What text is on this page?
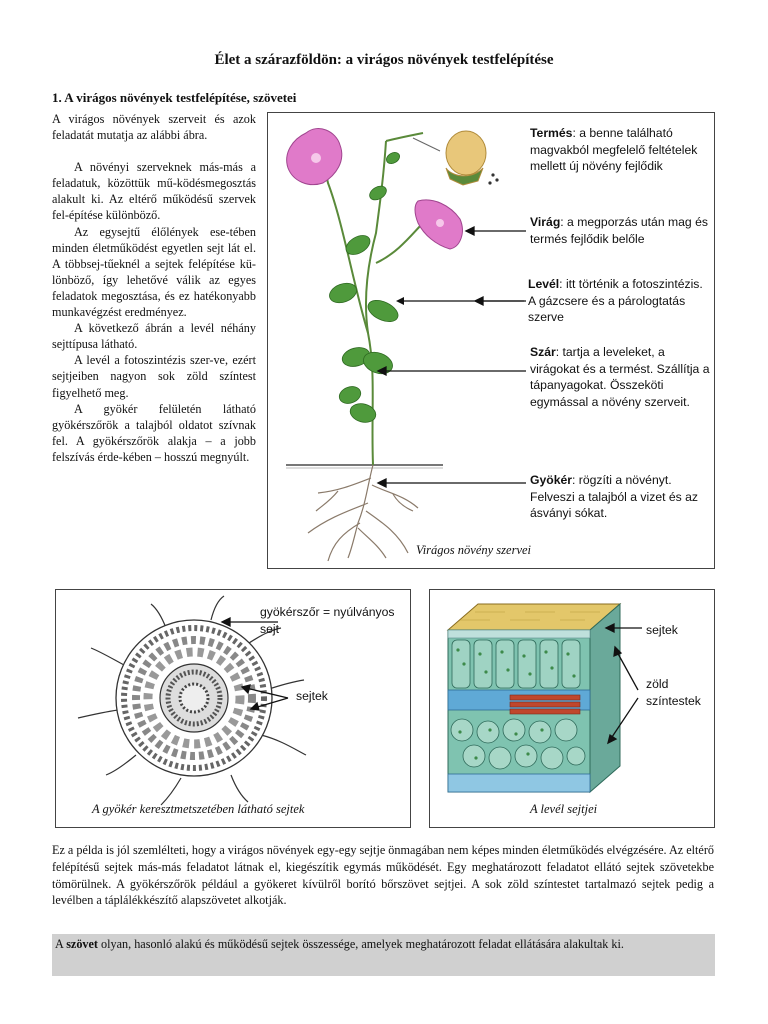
Élet a szárazföldön: a virágos növények testfelépítése
1. A virágos növények testfelépítése, szövetei

A virágos növények szerveit és azok feladatát mutatja az alábbi ábra.

A növényi szerveknek más-más a feladatuk, közöttük mű-ködésmegosztás alakult ki. Az eltérő működésű szervek fel-építése különböző.

Az egysejtű élőlények ese-tében minden életműködést egyetlen sejt lát el. A többsej-tűeknél a sejtek felépítése kü-lönböző, így lehetővé válik az egyes feladatok megosztása, és ez hatékonyabb munkavégzést eredményez.

A következő ábrán a levél néhány sejttípusa látható.

A levél a fotoszintézis szer-ve, ezért sejtjeiben nagyon sok zöld színtest figyelhető meg.

A gyökér felületén látható gyökérszőrök a talajból oldatot szívnak fel. A gyökérszőrök alakja – a jobb felszívás érde-kében – hosszú megnyúlt.

Termés: a benne található magvakból megfelelő feltételek mellett új növény fejlődik
Virág: a megporzás után mag és termés fejlődik belőle
Levél: itt történik a fotoszintézis. A gázcsere és a párologtatás szerve
Szár: tartja a leveleket, a virágokat és a termést. Szállítja a tápanyagokat. Összeköti egymással a növény szerveit.
Gyökér: rögzíti a növényt. Felveszi a talajból a vizet és az ásványi sókat.
Virágos növény szervei
gyökérszőr = nyúlványos sejt
sejtek
A gyökér keresztmetszetében látható sejtek
sejtek
zöld színtestek
A levél sejtjei
Ez a példa is jól szemlélteti, hogy a virágos növények egy-egy sejtje önmagában nem képes minden életműködés elvégzésére. Az eltérő felépítésű sejtek más-más feladatot látnak el, kiegészítik egymás működését. Egy meghatározott feladatot ellátó sejtek szövetekbe tömörülnek. A gyökérszőrök például a gyökeret kívülről borító bőrszövet sejtjei. A sok zöld színtestet tartalmazó sejtek pedig a levélben a táplálékkészítő alapszövetet alkotják.
A szövet olyan, hasonló alakú és működésű sejtek összessége, amelyek meghatározott feladat ellátására alakultak ki.
